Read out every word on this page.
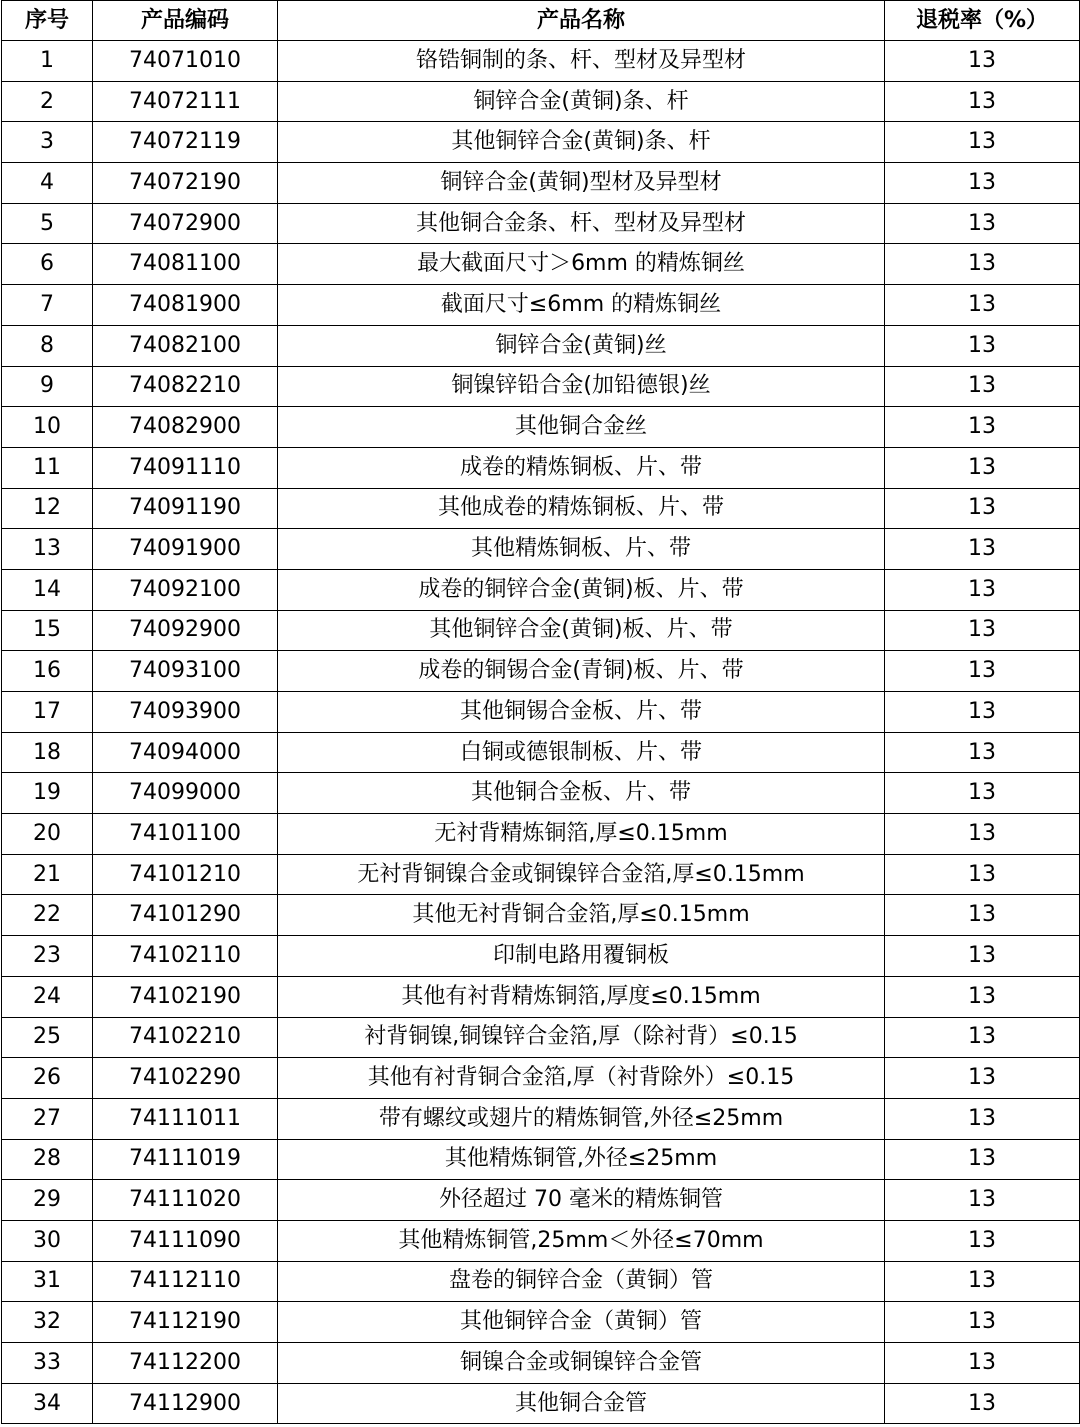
序号	产品编码	产品名称	退税率（%）
1	74071010	铬锆铜制的条、杆、型材及异型材	13
2	74072111	铜锌合金(黄铜)条、杆	13
3	74072119	其他铜锌合金(黄铜)条、杆	13
4	74072190	铜锌合金(黄铜)型材及异型材	13
5	74072900	其他铜合金条、杆、型材及异型材	13
6	74081100	最大截面尺寸＞6mm 的精炼铜丝	13
7	74081900	截面尺寸≤6mm 的精炼铜丝	13
8	74082100	铜锌合金(黄铜)丝	13
9	74082210	铜镍锌铅合金(加铅德银)丝	13
10	74082900	其他铜合金丝	13
11	74091110	成卷的精炼铜板、片、带	13
12	74091190	其他成卷的精炼铜板、片、带	13
13	74091900	其他精炼铜板、片、带	13
14	74092100	成卷的铜锌合金(黄铜)板、片、带	13
15	74092900	其他铜锌合金(黄铜)板、片、带	13
16	74093100	成卷的铜锡合金(青铜)板、片、带	13
17	74093900	其他铜锡合金板、片、带	13
18	74094000	白铜或德银制板、片、带	13
19	74099000	其他铜合金板、片、带	13
20	74101100	无衬背精炼铜箔,厚≤0.15mm	13
21	74101210	无衬背铜镍合金或铜镍锌合金箔,厚≤0.15mm	13
22	74101290	其他无衬背铜合金箔,厚≤0.15mm	13
23	74102110	印制电路用覆铜板	13
24	74102190	其他有衬背精炼铜箔,厚度≤0.15mm	13
25	74102210	衬背铜镍,铜镍锌合金箔,厚（除衬背）≤0.15	13
26	74102290	其他有衬背铜合金箔,厚（衬背除外）≤0.15	13
27	74111011	带有螺纹或翅片的精炼铜管,外径≤25mm	13
28	74111019	其他精炼铜管,外径≤25mm	13
29	74111020	外径超过 70 毫米的精炼铜管	13
30	74111090	其他精炼铜管,25mm＜外径≤70mm	13
31	74112110	盘卷的铜锌合金（黄铜）管	13
32	74112190	其他铜锌合金（黄铜）管	13
33	74112200	铜镍合金或铜镍锌合金管	13
34	74112900	其他铜合金管	13
